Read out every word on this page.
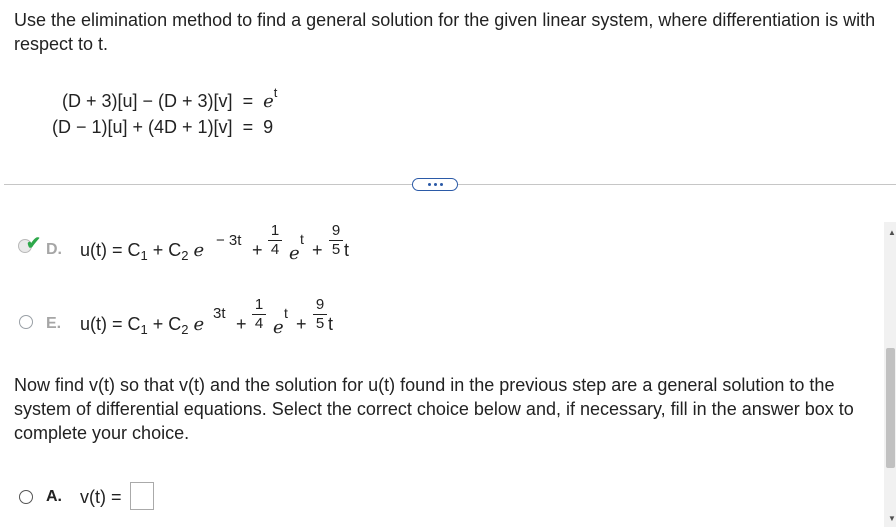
Use the elimination method to find a general solution for the given linear system, where differentiation is with respect to t.
$(D + 3)[u] - (D + 3)[v] = e^t$
(D − 1)[u] + (4D + 1)[v] = 9
✔ D. $u(t) = C_1 + C_2$ e − 3t +
1
4 e
t
+
9
5 t
E. $u(t) = C_1 + C_2$ e
3t
+
1
4 e
t
+
9
5 t
Now find v(t) so that v(t) and the solution for u(t) found in the previous step are a general solution to the system of differential equations. Select the correct choice below and, if necessary, fill in the answer box to complete your choice.
A. v(t) =
▲
▼
